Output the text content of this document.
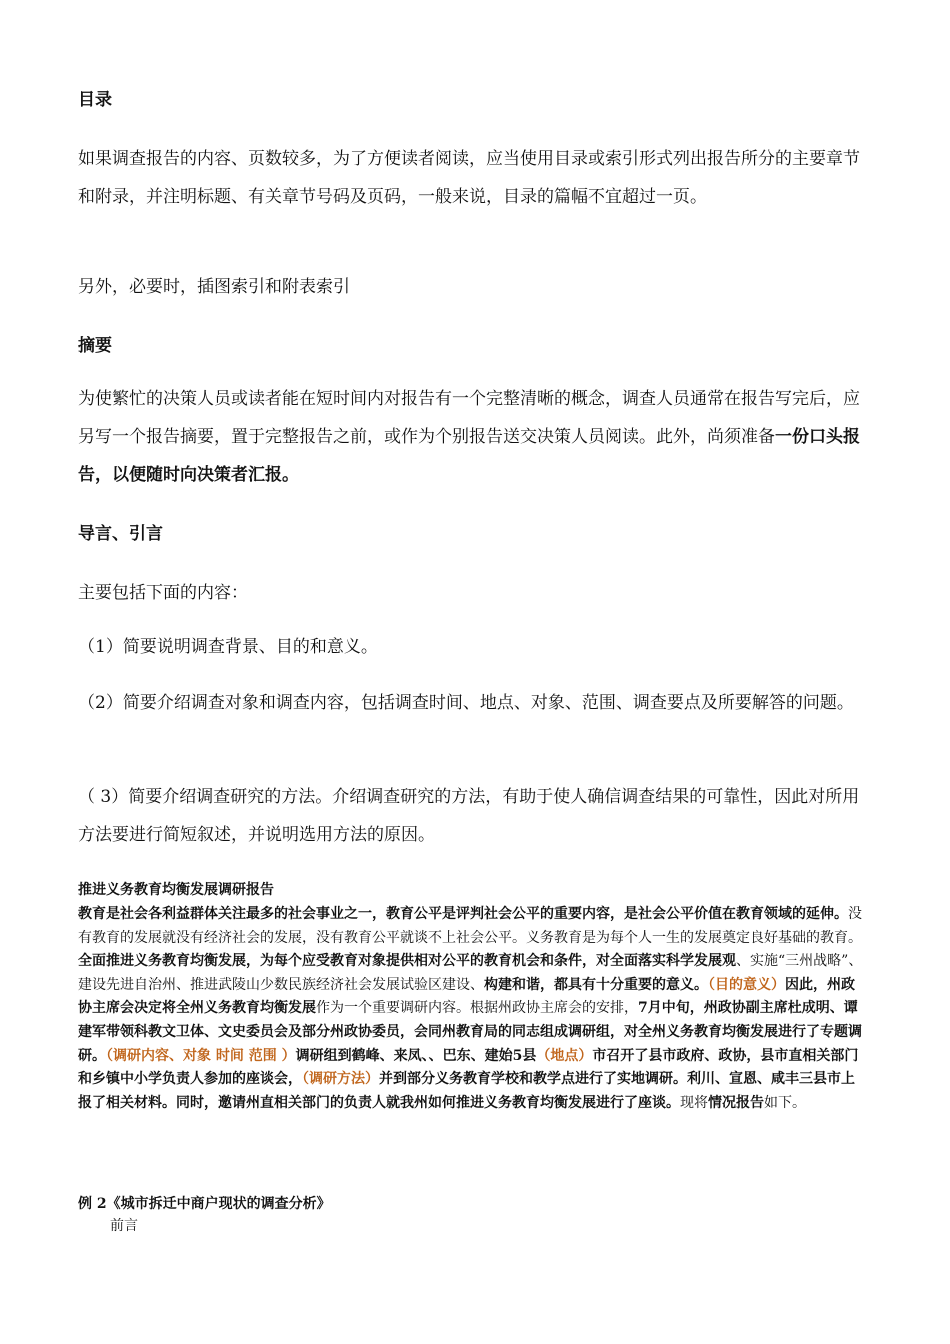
目录

如果调查报告的内容、页数较多，为了方便读者阅读，应当使用目录或索引形式列出报告所分的主要章节和附录，并注明标题、有关章节号码及页码，一般来说，目录的篇幅不宜超过一页。

另外，必要时，插图索引和附表索引

摘要

为使繁忙的决策人员或读者能在短时间内对报告有一个完整清晰的概念，调查人员通常在报告写完后，应另写一个报告摘要，置于完整报告之前，或作为个别报告送交决策人员阅读。此外，尚须准备一份口头报告，以便随时向决策者汇报。

导言、引言

主要包括下面的内容：

（1）简要说明调查背景、目的和意义。

（2）简要介绍调查对象和调查内容，包括调查时间、地点、对象、范围、调查要点及所要解答的问题。

（ 3）简要介绍调查研究的方法。介绍调查研究的方法，有助于使人确信调查结果的可靠性，因此对所用方法要进行简短叙述，并说明选用方法的原因。

推进义务教育均衡发展调研报告

教育是社会各利益群体关注最多的社会事业之一，教育公平是评判社会公平的重要内容，是社会公平价值在教育领域的延伸。没有教育的发展就没有经济社会的发展，没有教育公平就谈不上社会公平。义务教育是为每个人一生的发展奠定良好基础的教育。全面推进义务教育均衡发展，为每个应受教育对象提供相对公平的教育机会和条件，对全面落实科学发展观、实施“三州战略”、建设先进自治州、推进武陵山少数民族经济社会发展试验区建设、构建和谐，都具有十分重要的意义。（目的意义）因此，州政协主席会决定将全州义务教育均衡发展作为一个重要调研内容。根据州政协主席会的安排，7月中旬，州政协副主席杜成明、谭建军带领科教文卫体、文史委员会及部分州政协委员，会同州教育局的同志组成调研组，对全州义务教育均衡发展进行了专题调研。（调研内容、对象 时间 范围 ）调研组到鹤峰、来凤、、巴东、建始5县（地点）市召开了县市政府、政协，县市直相关部门和乡镇中小学负责人参加的座谈会，（调研方法）并到部分义务教育学校和教学点进行了实地调研。利川、宣恩、咸丰三县市上报了相关材料。同时，邀请州直相关部门的负责人就我州如何推进义务教育均衡发展进行了座谈。现将情况报告如下。

例 2《城市拆迁中商户现状的调查分析》
前言
